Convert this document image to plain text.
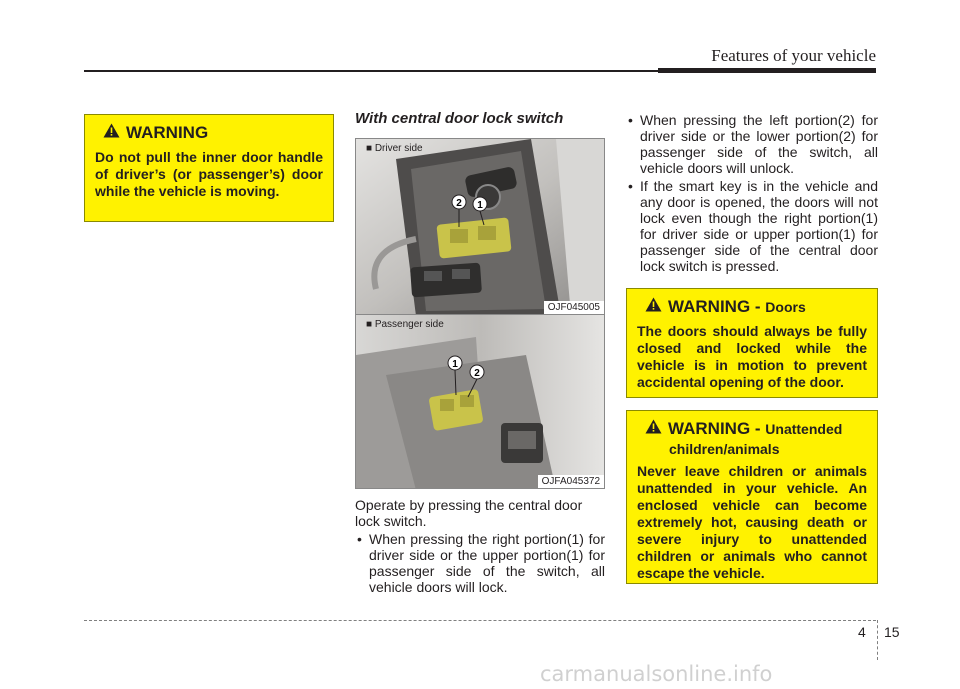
Features of your vehicle
WARNING
Do not pull the inner door handle of driver’s (or passenger’s) door while the vehicle is moving.
With central door lock switch
■ Driver side
2 1
OJF045005
■ Passenger side
1
2
OJFA045372
Operate by pressing the central door lock switch.
• When pressing the right portion(1) for driver side or the upper portion(1) for passenger side of the switch, all vehicle doors will lock.
• When pressing the left portion(2) for driver side or the lower portion(2) for passenger side of the switch, all vehicle doors will unlock.
• If the smart key is in the vehicle and any door is opened, the doors will not lock even though the right portion(1) for driver side or upper portion(1) for passenger side of the central door lock switch is pressed.
WARNING - Doors
The doors should always be fully closed and locked while the vehicle is in motion to prevent accidental opening of the door.
WARNING - Unattended
children/animals
Never leave children or animals unattended in your vehicle. An enclosed vehicle can become extremely hot, causing death or severe injury to unattended children or animals who cannot escape the vehicle.
4 15
carmanualsonline.info
